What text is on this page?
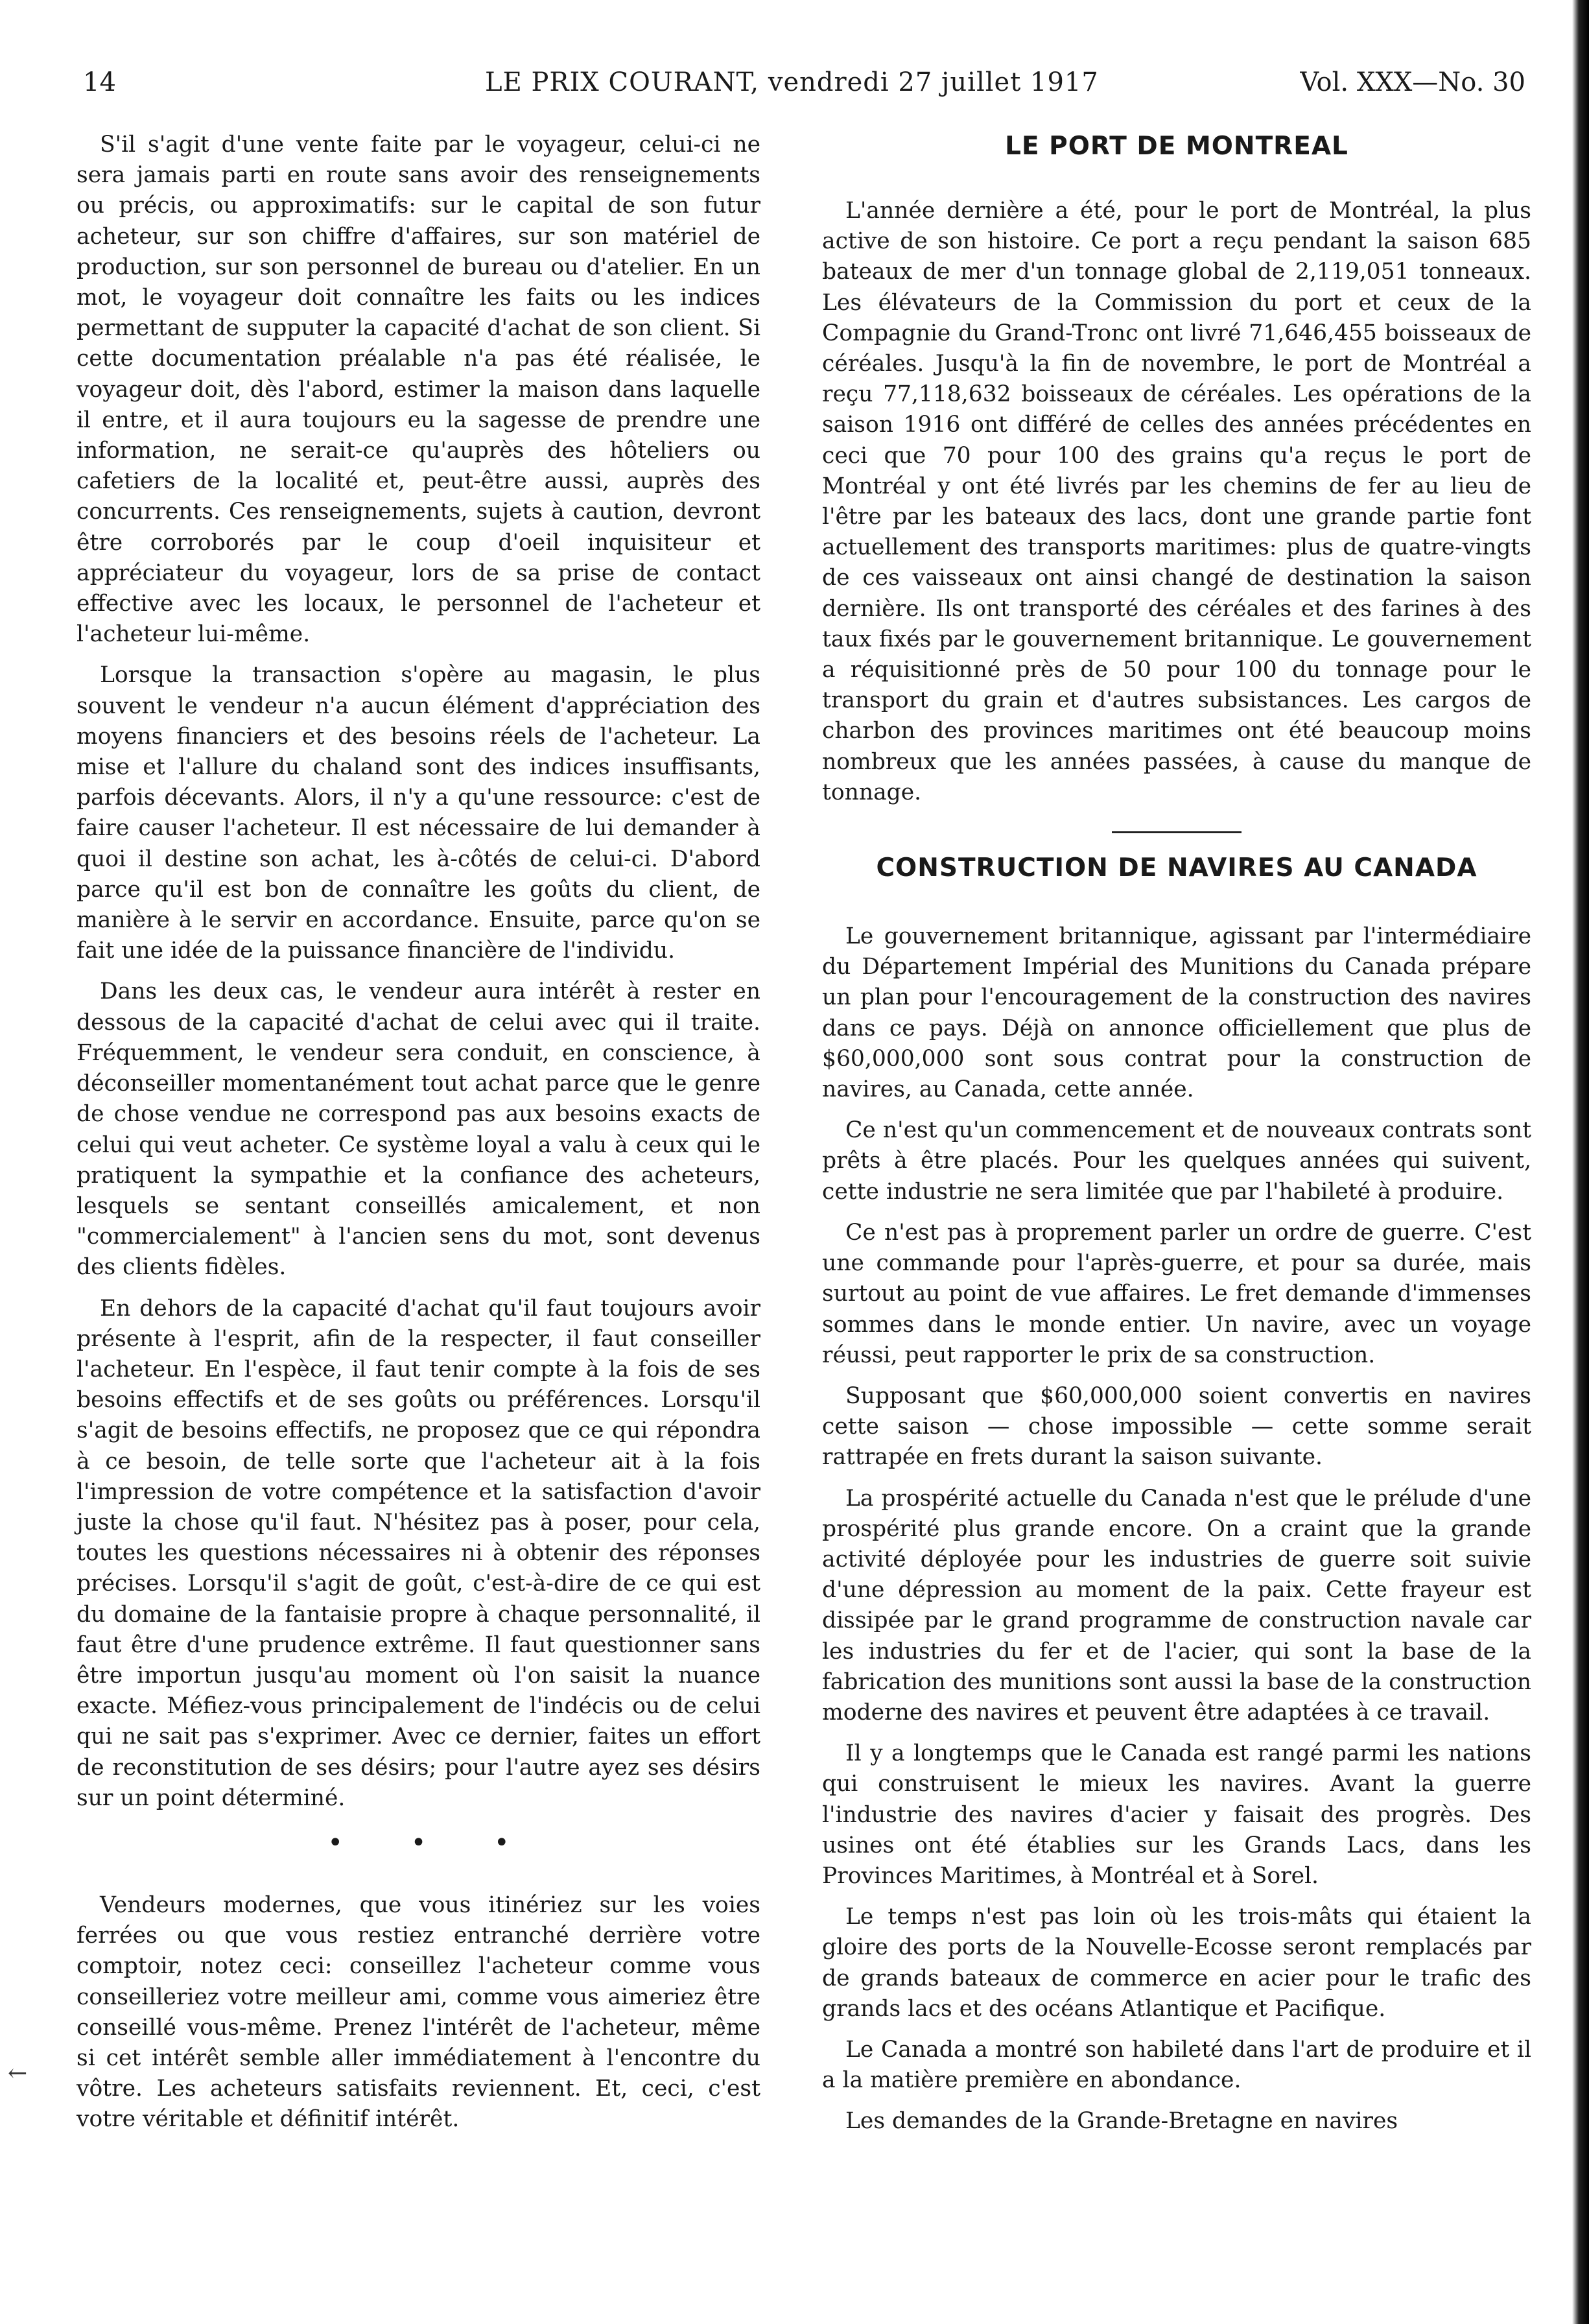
14	LE PRIX COURANT, vendredi 27 juillet 1917	Vol. XXX—No. 30
←

S'il s'agit d'une vente faite par le voyageur, celui-ci ne sera jamais parti en route sans avoir des renseignements ou précis, ou approximatifs: sur le capital de son futur acheteur, sur son chiffre d'affaires, sur son matériel de production, sur son personnel de bureau ou d'atelier. En un mot, le voyageur doit connaître les faits ou les indices permettant de supputer la capacité d'achat de son client. Si cette documentation préalable n'a pas été réalisée, le voyageur doit, dès l'abord, estimer la maison dans laquelle il entre, et il aura toujours eu la sagesse de prendre une information, ne serait-ce qu'auprès des hôteliers ou cafetiers de la localité et, peut-être aussi, auprès des concurrents. Ces renseignements, sujets à caution, devront être corroborés par le coup d'oeil inquisiteur et appréciateur du voyageur, lors de sa prise de contact effective avec les locaux, le personnel de l'acheteur et l'acheteur lui-même.

Lorsque la transaction s'opère au magasin, le plus souvent le vendeur n'a aucun élément d'appréciation des moyens financiers et des besoins réels de l'acheteur. La mise et l'allure du chaland sont des indices insuffisants, parfois décevants. Alors, il n'y a qu'une ressource: c'est de faire causer l'acheteur. Il est nécessaire de lui demander à quoi il destine son achat, les à-côtés de celui-ci. D'abord parce qu'il est bon de connaître les goûts du client, de manière à le servir en accordance. Ensuite, parce qu'on se fait une idée de la puissance financière de l'individu.

Dans les deux cas, le vendeur aura intérêt à rester en dessous de la capacité d'achat de celui avec qui il traite. Fréquemment, le vendeur sera conduit, en conscience, à déconseiller momentanément tout achat parce que le genre de chose vendue ne correspond pas aux besoins exacts de celui qui veut acheter. Ce système loyal a valu à ceux qui le pratiquent la sympathie et la confiance des acheteurs, lesquels se sentant conseillés amicalement, et non "commercialement" à l'ancien sens du mot, sont devenus des clients fidèles.

En dehors de la capacité d'achat qu'il faut toujours avoir présente à l'esprit, afin de la respecter, il faut conseiller l'acheteur. En l'espèce, il faut tenir compte à la fois de ses besoins effectifs et de ses goûts ou préférences. Lorsqu'il s'agit de besoins effectifs, ne proposez que ce qui répondra à ce besoin, de telle sorte que l'acheteur ait à la fois l'impression de votre compétence et la satisfaction d'avoir juste la chose qu'il faut. N'hésitez pas à poser, pour cela, toutes les questions nécessaires ni à obtenir des réponses précises. Lorsqu'il s'agit de goût, c'est-à-dire de ce qui est du domaine de la fantaisie propre à chaque personnalité, il faut être d'une prudence extrême. Il faut questionner sans être importun jusqu'au moment où l'on saisit la nuance exacte. Méfiez-vous principalement de l'indécis ou de celui qui ne sait pas s'exprimer. Avec ce dernier, faites un effort de reconstitution de ses désirs; pour l'autre ayez ses désirs sur un point déterminé.

• • •

Vendeurs modernes, que vous itinériez sur les voies ferrées ou que vous restiez entranché derrière votre comptoir, notez ceci: conseillez l'acheteur comme vous conseilleriez votre meilleur ami, comme vous aimeriez être conseillé vous-même. Prenez l'intérêt de l'acheteur, même si cet intérêt semble aller immédiatement à l'encontre du vôtre. Les acheteurs satisfaits reviennent. Et, ceci, c'est votre véritable et définitif intérêt.

LE PORT DE MONTREAL

L'année dernière a été, pour le port de Montréal, la plus active de son histoire. Ce port a reçu pendant la saison 685 bateaux de mer d'un tonnage global de 2,119,051 tonneaux. Les élévateurs de la Commission du port et ceux de la Compagnie du Grand-Tronc ont livré 71,646,455 boisseaux de céréales. Jusqu'à la fin de novembre, le port de Montréal a reçu 77,118,632 boisseaux de céréales. Les opérations de la saison 1916 ont différé de celles des années précédentes en ceci que 70 pour 100 des grains qu'a reçus le port de Montréal y ont été livrés par les chemins de fer au lieu de l'être par les bateaux des lacs, dont une grande partie font actuellement des transports maritimes: plus de quatre-vingts de ces vaisseaux ont ainsi changé de destination la saison dernière. Ils ont transporté des céréales et des farines à des taux fixés par le gouvernement britannique. Le gouvernement a réquisitionné près de 50 pour 100 du tonnage pour le transport du grain et d'autres subsistances. Les cargos de charbon des provinces maritimes ont été beaucoup moins nombreux que les années passées, à cause du manque de tonnage.

CONSTRUCTION DE NAVIRES AU CANADA

Le gouvernement britannique, agissant par l'intermédiaire du Département Impérial des Munitions du Canada prépare un plan pour l'encouragement de la construction des navires dans ce pays. Déjà on annonce officiellement que plus de $60,000,000 sont sous contrat pour la construction de navires, au Canada, cette année.

Ce n'est qu'un commencement et de nouveaux contrats sont prêts à être placés. Pour les quelques années qui suivent, cette industrie ne sera limitée que par l'habileté à produire.

Ce n'est pas à proprement parler un ordre de guerre. C'est une commande pour l'après-guerre, et pour sa durée, mais surtout au point de vue affaires. Le fret demande d'immenses sommes dans le monde entier. Un navire, avec un voyage réussi, peut rapporter le prix de sa construction.

Supposant que $60,000,000 soient convertis en navires cette saison — chose impossible — cette somme serait rattrapée en frets durant la saison suivante.

La prospérité actuelle du Canada n'est que le prélude d'une prospérité plus grande encore. On a craint que la grande activité déployée pour les industries de guerre soit suivie d'une dépression au moment de la paix. Cette frayeur est dissipée par le grand programme de construction navale car les industries du fer et de l'acier, qui sont la base de la fabrication des munitions sont aussi la base de la construction moderne des navires et peuvent être adaptées à ce travail.

Il y a longtemps que le Canada est rangé parmi les nations qui construisent le mieux les navires. Avant la guerre l'industrie des navires d'acier y faisait des progrès. Des usines ont été établies sur les Grands Lacs, dans les Provinces Maritimes, à Montréal et à Sorel.

Le temps n'est pas loin où les trois-mâts qui étaient la gloire des ports de la Nouvelle-Ecosse seront remplacés par de grands bateaux de commerce en acier pour le trafic des grands lacs et des océans Atlantique et Pacifique.

Le Canada a montré son habileté dans l'art de produire et il a la matière première en abondance.

Les demandes de la Grande-Bretagne en navires
